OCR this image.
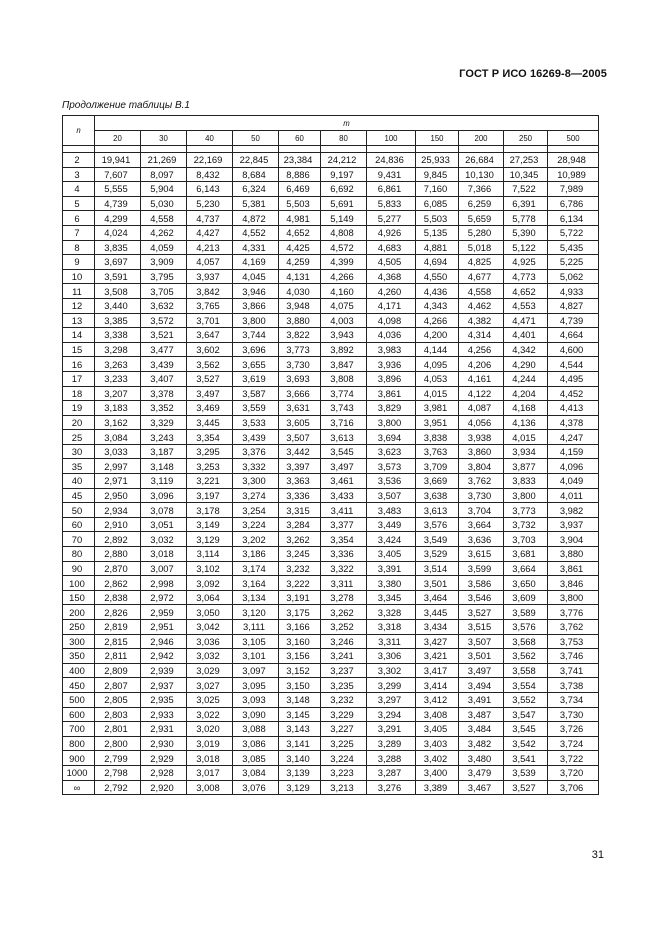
ГОСТ Р ИСО 16269-8—2005
Продолжение таблицы В.1
n	m										
	20	30	40	50	60	80	100	150	200	250	500

2	19,941	21,269	22,169	22,845	23,384	24,212	24,836	25,933	26,684	27,253	28,948
3	7,607	8,097	8,432	8,684	8,886	9,197	9,431	9,845	10,130	10,345	10,989
4	5,555	5,904	6,143	6,324	6,469	6,692	6,861	7,160	7,366	7,522	7,989
5	4,739	5,030	5,230	5,381	5,503	5,691	5,833	6,085	6,259	6,391	6,786
6	4,299	4,558	4,737	4,872	4,981	5,149	5,277	5,503	5,659	5,778	6,134
7	4,024	4,262	4,427	4,552	4,652	4,808	4,926	5,135	5,280	5,390	5,722
8	3,835	4,059	4,213	4,331	4,425	4,572	4,683	4,881	5,018	5,122	5,435
9	3,697	3,909	4,057	4,169	4,259	4,399	4,505	4,694	4,825	4,925	5,225
10	3,591	3,795	3,937	4,045	4,131	4,266	4,368	4,550	4,677	4,773	5,062
11	3,508	3,705	3,842	3,946	4,030	4,160	4,260	4,436	4,558	4,652	4,933
12	3,440	3,632	3,765	3,866	3,948	4,075	4,171	4,343	4,462	4,553	4,827
13	3,385	3,572	3,701	3,800	3,880	4,003	4,098	4,266	4,382	4,471	4,739
14	3,338	3,521	3,647	3,744	3,822	3,943	4,036	4,200	4,314	4,401	4,664
15	3,298	3,477	3,602	3,696	3,773	3,892	3,983	4,144	4,256	4,342	4,600
16	3,263	3,439	3,562	3,655	3,730	3,847	3,936	4,095	4,206	4,290	4,544
17	3,233	3,407	3,527	3,619	3,693	3,808	3,896	4,053	4,161	4,244	4,495
18	3,207	3,378	3,497	3,587	3,666	3,774	3,861	4,015	4,122	4,204	4,452
19	3,183	3,352	3,469	3,559	3,631	3,743	3,829	3,981	4,087	4,168	4,413
20	3,162	3,329	3,445	3,533	3,605	3,716	3,800	3,951	4,056	4,136	4,378
25	3,084	3,243	3,354	3,439	3,507	3,613	3,694	3,838	3,938	4,015	4,247
30	3,033	3,187	3,295	3,376	3,442	3,545	3,623	3,763	3,860	3,934	4,159
35	2,997	3,148	3,253	3,332	3,397	3,497	3,573	3,709	3,804	3,877	4,096
40	2,971	3,119	3,221	3,300	3,363	3,461	3,536	3,669	3,762	3,833	4,049
45	2,950	3,096	3,197	3,274	3,336	3,433	3,507	3,638	3,730	3,800	4,011
50	2,934	3,078	3,178	3,254	3,315	3,411	3,483	3,613	3,704	3,773	3,982
60	2,910	3,051	3,149	3,224	3,284	3,377	3,449	3,576	3,664	3,732	3,937
70	2,892	3,032	3,129	3,202	3,262	3,354	3,424	3,549	3,636	3,703	3,904
80	2,880	3,018	3,114	3,186	3,245	3,336	3,405	3,529	3,615	3,681	3,880
90	2,870	3,007	3,102	3,174	3,232	3,322	3,391	3,514	3,599	3,664	3,861
100	2,862	2,998	3,092	3,164	3,222	3,311	3,380	3,501	3,586	3,650	3,846
150	2,838	2,972	3,064	3,134	3,191	3,278	3,345	3,464	3,546	3,609	3,800
200	2,826	2,959	3,050	3,120	3,175	3,262	3,328	3,445	3,527	3,589	3,776
250	2,819	2,951	3,042	3,111	3,166	3,252	3,318	3,434	3,515	3,576	3,762
300	2,815	2,946	3,036	3,105	3,160	3,246	3,311	3,427	3,507	3,568	3,753
350	2,811	2,942	3,032	3,101	3,156	3,241	3,306	3,421	3,501	3,562	3,746
400	2,809	2,939	3,029	3,097	3,152	3,237	3,302	3,417	3,497	3,558	3,741
450	2,807	2,937	3,027	3,095	3,150	3,235	3,299	3,414	3,494	3,554	3,738
500	2,805	2,935	3,025	3,093	3,148	3,232	3,297	3,412	3,491	3,552	3,734
600	2,803	2,933	3,022	3,090	3,145	3,229	3,294	3,408	3,487	3,547	3,730
700	2,801	2,931	3,020	3,088	3,143	3,227	3,291	3,405	3,484	3,545	3,726
800	2,800	2,930	3,019	3,086	3,141	3,225	3,289	3,403	3,482	3,542	3,724
900	2,799	2,929	3,018	3,085	3,140	3,224	3,288	3,402	3,480	3,541	3,722
1000	2,798	2,928	3,017	3,084	3,139	3,223	3,287	3,400	3,479	3,539	3,720
∞	2,792	2,920	3,008	3,076	3,129	3,213	3,276	3,389	3,467	3,527	3,706
31
